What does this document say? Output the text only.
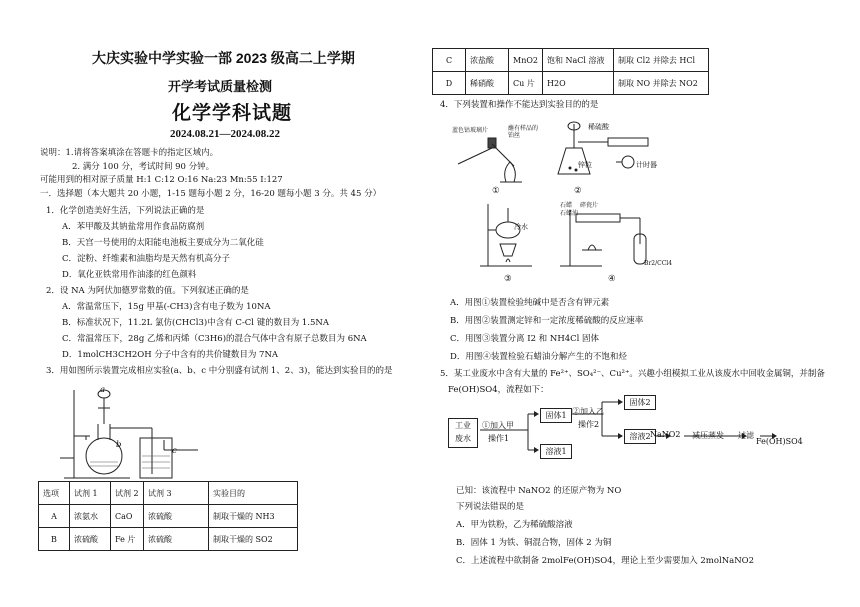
大庆实验中学实验一部 2023 级高二上学期
开学考试质量检测
化学学科试题
2024.08.21—2024.08.22
说明：1.请将答案填涂在答题卡的指定区域内。
2. 满分 100 分，考试时间 90 分钟。
可能用到的相对原子质量 H:1 C:12 O:16 Na:23 Mn:55 I:127
一．选择题（本大题共 20 小题，1-15 题每小题 2 分，16-20 题每小题 3 分。共 45 分）
1．化学创造美好生活，下列说法正确的是
A．苯甲酸及其钠盐常用作食品防腐剂
B．天宫一号使用的太阳能电池板主要成分为二氧化硅
C．淀粉、纤维素和油脂均是天然有机高分子
D．氧化亚铁常用作油漆的红色颜料
2．设 NA 为阿伏加德罗常数的值。下列叙述正确的是
A．常温常压下，15g 甲基(-CH3)含有电子数为 10NA
B．标准状况下，11.2L 氯仿(CHCl3)中含有 C-Cl 键的数目为 1.5NA
C．常温常压下，28g 乙烯和丙烯（C3H6)的混合气体中含有原子总数目为 6NA
D．1molCH3CH2OH 分子中含有的共价键数目为 7NA
3．用如图所示装置完成相应实验(a、b、c 中分别盛有试剂 1、2、3)，能达到实验目的的是
a
b
c
选项	试剂 1	试剂 2	试剂 3	实验目的
A	浓氨水	CaO	浓硫酸	制取干燥的 NH3
B	浓硫酸	Fe 片	浓硫酸	制取干燥的 SO2
C	浓盐酸	MnO2	饱和 NaCl 溶液	制取 Cl2 并除去 HCl
D	稀硝酸	Cu 片	H2O	制取 NO 并除去 NO2
4．下列装置和操作不能达到实验目的的是
蓝色钴玻璃片	蘸有样品的铂丝
①
稀硫酸
锌粒	计时器
②
冷水
③
石蜡 碎瓷片
石蜡油
Br2/CCl4
④
A．用图①装置检验纯碱中是否含有钾元素
B．用图②装置测定锌和一定浓度稀硫酸的反应速率
C．用图③装置分离 I2 和 NH4Cl 固体
D．用图④装置检验石蜡油分解产生的不饱和烃
5．某工业废水中含有大量的 Fe²⁺、SO₄²⁻、Cu²⁺。兴趣小组模拟工业从该废水中回收金属铜，并制备
Fe(OH)SO4，流程如下：
工业
废水
①加入甲
操作1
固体1 ②加入乙
操作2
固体2
溶液2
溶液1
NaNO2 减压蒸发 过滤
Fe(OH)SO4
已知：该流程中 NaNO2 的还原产物为 NO
下列说法错误的是
A．甲为铁粉，乙为稀硫酸溶液
B．固体 1 为铁、铜混合物，固体 2 为铜
C．上述流程中欲制备 2molFe(OH)SO4，理论上至少需要加入 2molNaNO2
